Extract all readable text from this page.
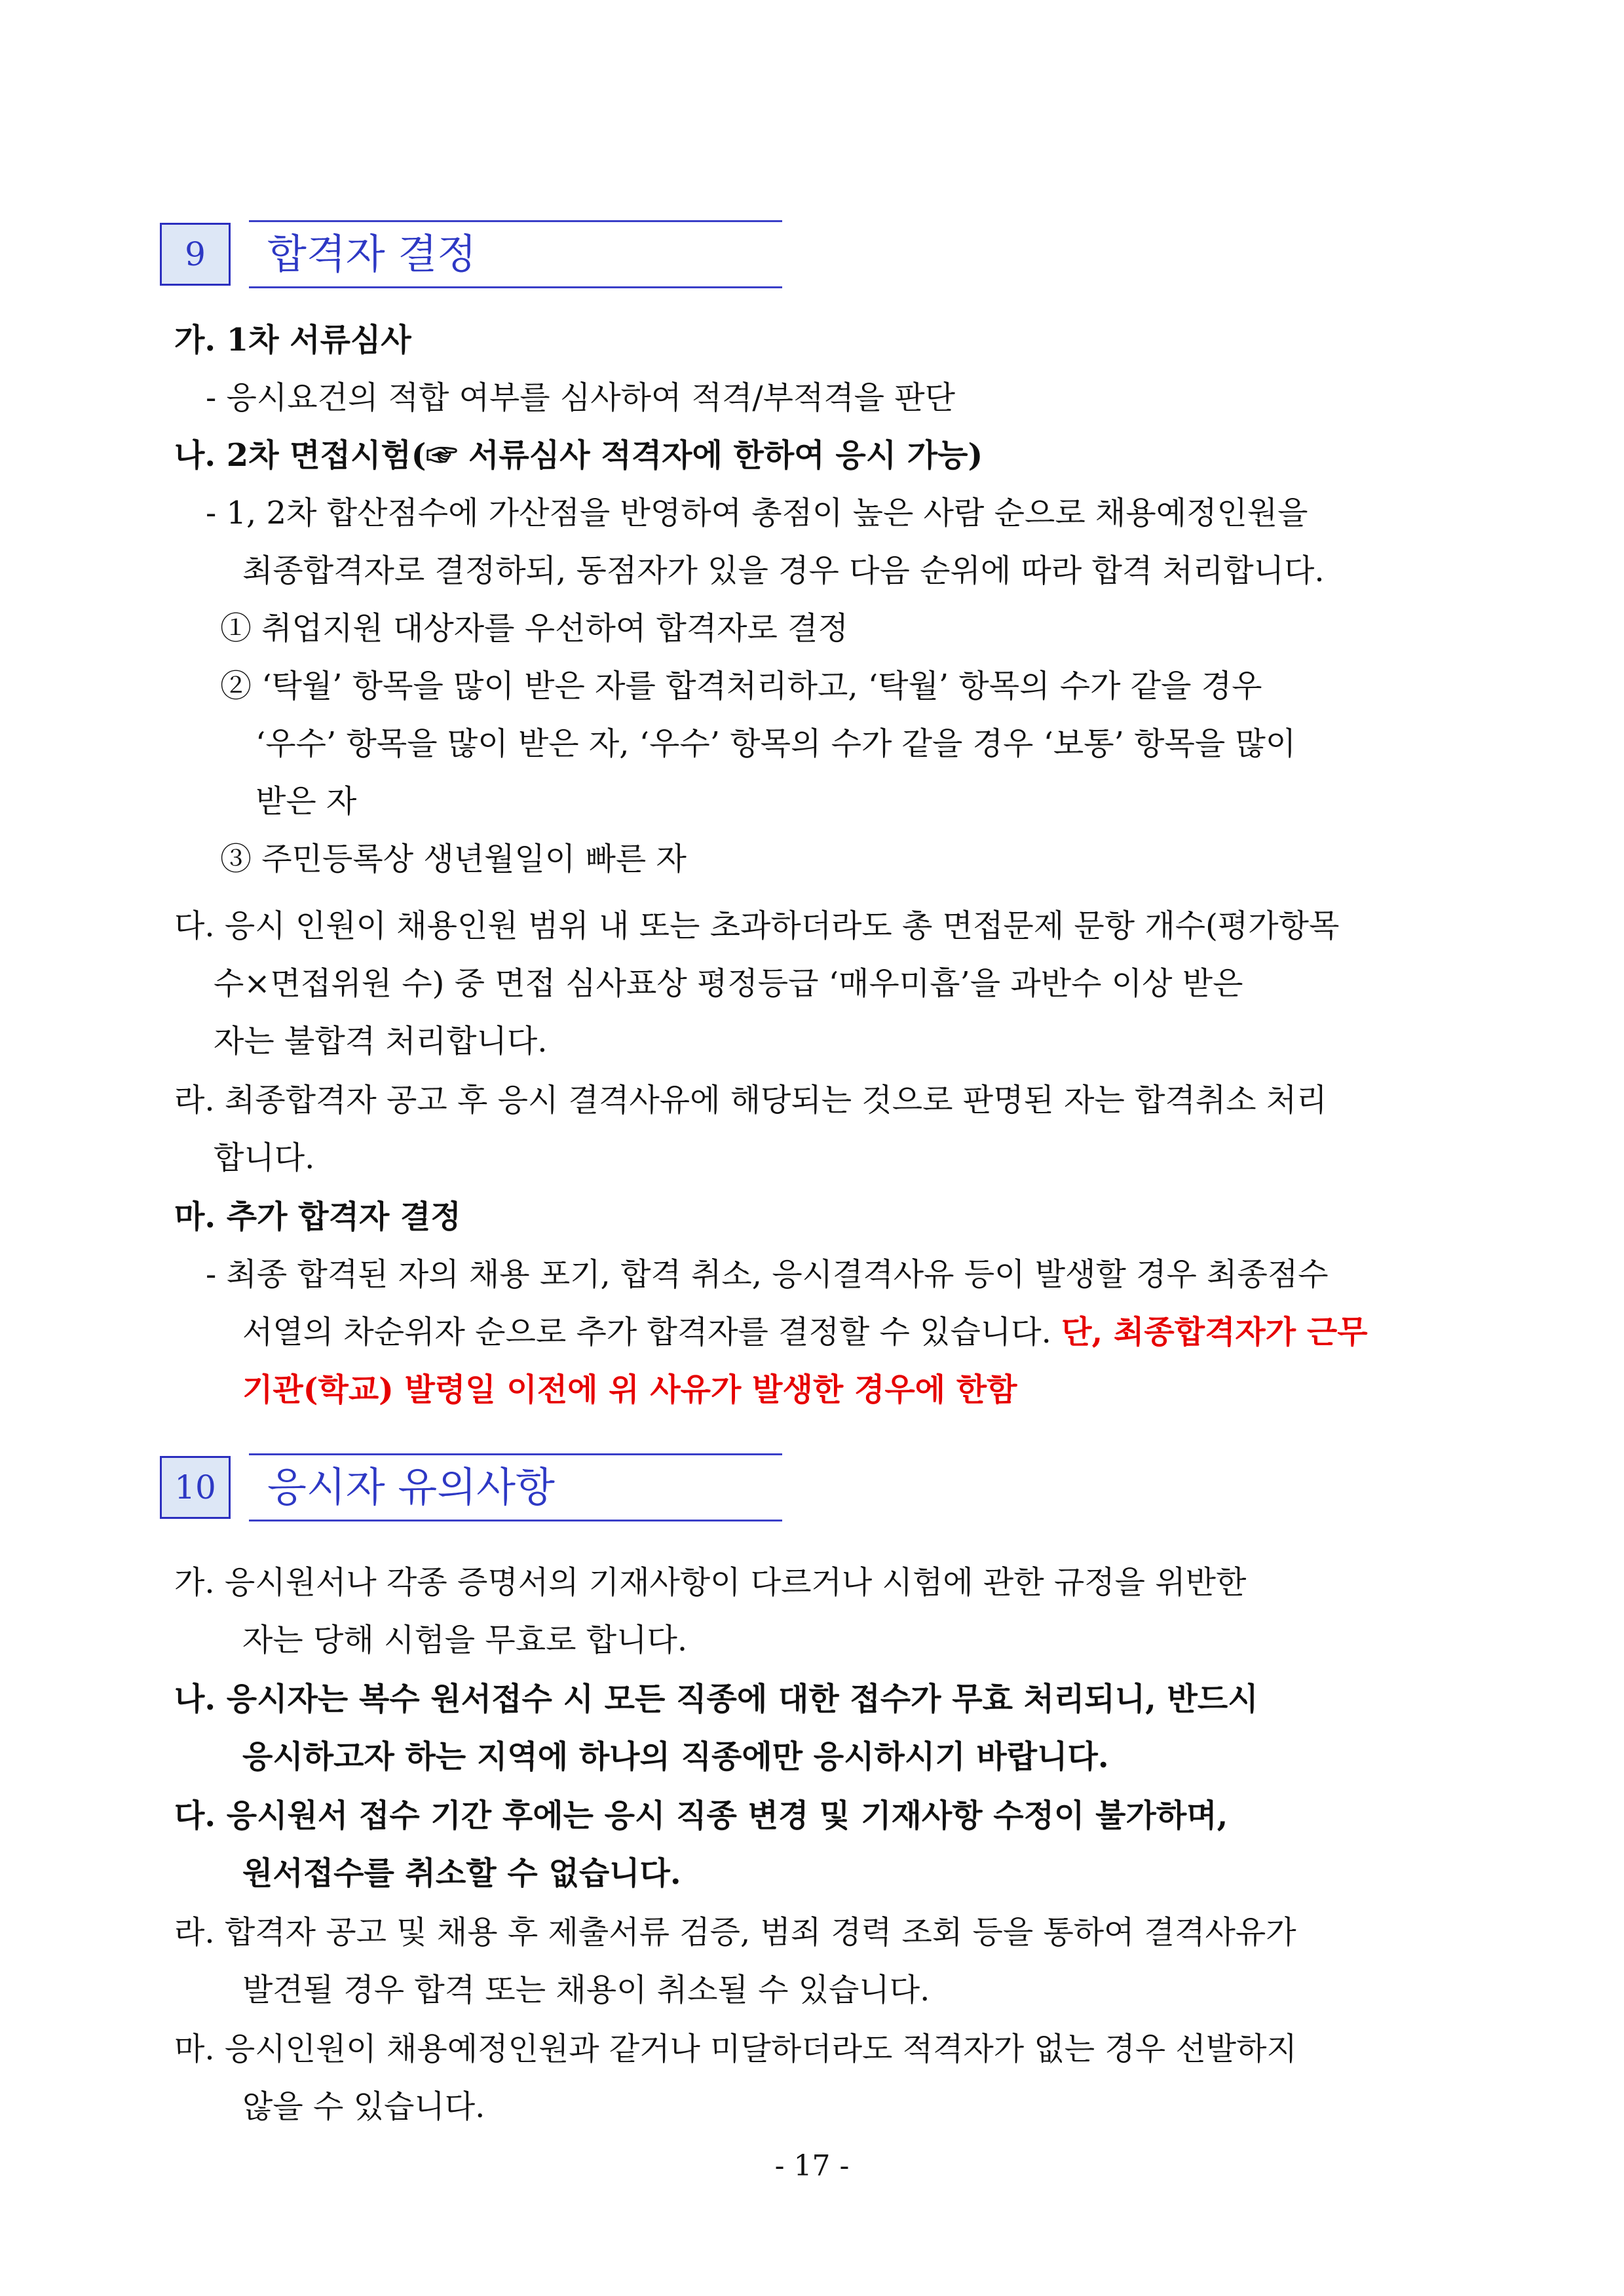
9	합격자 결정
가. 1차 서류심사
- 응시요건의 적합 여부를 심사하여 적격/부적격을 판단
나. 2차 면접시험(☞ 서류심사 적격자에 한하여 응시 가능)
- 1, 2차 합산점수에 가산점을 반영하여 총점이 높은 사람 순으로 채용예정인원을
최종합격자로 결정하되, 동점자가 있을 경우 다음 순위에 따라 합격 처리합니다.
① 취업지원 대상자를 우선하여 합격자로 결정
② ‘탁월’ 항목을 많이 받은 자를 합격처리하고, ‘탁월’ 항목의 수가 같을 경우
‘우수’ 항목을 많이 받은 자, ‘우수’ 항목의 수가 같을 경우 ‘보통’ 항목을 많이
받은 자
③ 주민등록상 생년월일이 빠른 자
다. 응시 인원이 채용인원 범위 내 또는 초과하더라도 총 면접문제 문항 개수(평가항목
수×면접위원 수) 중 면접 심사표상 평정등급 ‘매우미흡’을 과반수 이상 받은
자는 불합격 처리합니다.
라. 최종합격자 공고 후 응시 결격사유에 해당되는 것으로 판명된 자는 합격취소 처리
합니다.
마. 추가 합격자 결정
- 최종 합격된 자의 채용 포기, 합격 취소, 응시결격사유 등이 발생할 경우 최종점수
서열의 차순위자 순으로 추가 합격자를 결정할 수 있습니다. 단, 최종합격자가 근무
기관(학교) 발령일 이전에 위 사유가 발생한 경우에 한함
10	응시자 유의사항
가. 응시원서나 각종 증명서의 기재사항이 다르거나 시험에 관한 규정을 위반한
자는 당해 시험을 무효로 합니다.
나. 응시자는 복수 원서접수 시 모든 직종에 대한 접수가 무효 처리되니, 반드시
응시하고자 하는 지역에 하나의 직종에만 응시하시기 바랍니다.
다. 응시원서 접수 기간 후에는 응시 직종 변경 및 기재사항 수정이 불가하며,
원서접수를 취소할 수 없습니다.
라. 합격자 공고 및 채용 후 제출서류 검증, 범죄 경력 조회 등을 통하여 결격사유가
발견될 경우 합격 또는 채용이 취소될 수 있습니다.
마. 응시인원이 채용예정인원과 같거나 미달하더라도 적격자가 없는 경우 선발하지
않을 수 있습니다.
- 17 -
